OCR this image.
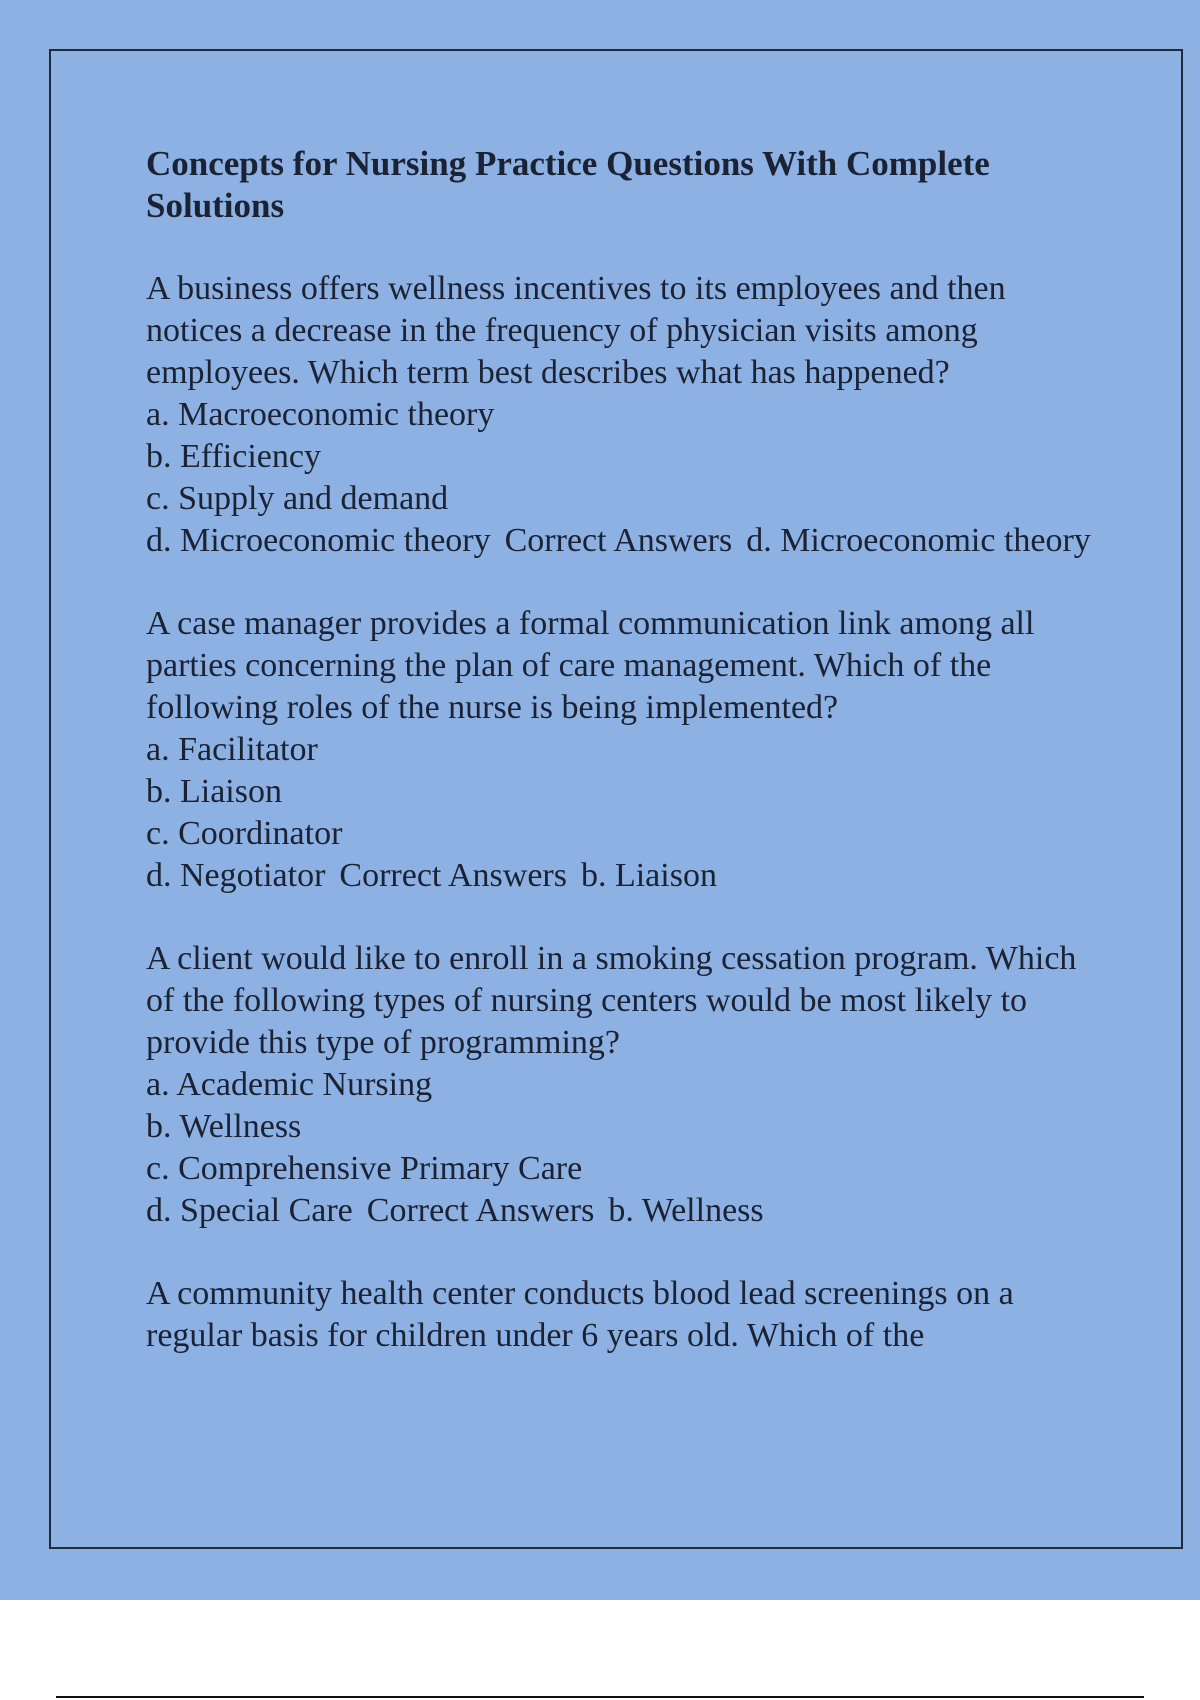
Concepts for Nursing Practice Questions With Complete Solutions

A business offers wellness incentives to its employees and then notices a decrease in the frequency of physician visits among employees. Which term best describes what has happened?

a. Macroeconomic theory

b. Efficiency

c. Supply and demand

d. Microeconomic theory Correct Answers d. Microeconomic theory

A case manager provides a formal communication link among all parties concerning the plan of care management. Which of the following roles of the nurse is being implemented?

a. Facilitator

b. Liaison

c. Coordinator

d. Negotiator Correct Answers b. Liaison

A client would like to enroll in a smoking cessation program. Which of the following types of nursing centers would be most likely to provide this type of programming?

a. Academic Nursing

b. Wellness

c. Comprehensive Primary Care

d. Special Care Correct Answers b. Wellness

A community health center conducts blood lead screenings on a regular basis for children under 6 years old. Which of the
